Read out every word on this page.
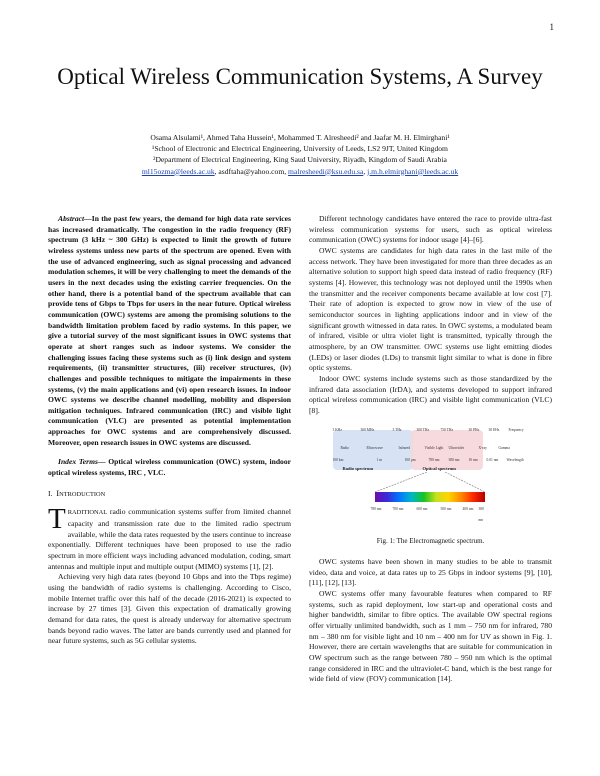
1
Optical Wireless Communication Systems, A Survey
Osama Alsulami¹, Ahmed Taha Hussein¹, Mohammed T. Alresheedi² and Jaafar M. H. Elmirghani¹
¹School of Electronic and Electrical Engineering, University of Leeds, LS2 9JT, United Kingdom
²Department of Electrical Engineering, King Saud University, Riyadh, Kingdom of Saudi Arabia
ml15ozma@leeds.ac.uk, asdftaha@yahoo.com, malresheedi@ksu.edu.sa, j.m.h.elmirghani@leeds.ac.uk

Abstract—In the past few years, the demand for high data rate services has increased dramatically. The congestion in the radio frequency (RF) spectrum (3 kHz ~ 300 GHz) is expected to limit the growth of future wireless systems unless new parts of the spectrum are opened. Even with the use of advanced engineering, such as signal processing and advanced modulation schemes, it will be very challenging to meet the demands of the users in the next decades using the existing carrier frequencies. On the other hand, there is a potential band of the spectrum available that can provide tens of Gbps to Tbps for users in the near future. Optical wireless communication (OWC) systems are among the promising solutions to the bandwidth limitation problem faced by radio systems. In this paper, we give a tutorial survey of the most significant issues in OWC systems that operate at short ranges such as indoor systems. We consider the challenging issues facing these systems such as (i) link design and system requirements, (ii) transmitter structures, (iii) receiver structures, (iv) challenges and possible techniques to mitigate the impairments in these systems, (v) the main applications and (vi) open research issues. In indoor OWC systems we describe channel modelling, mobility and dispersion mitigation techniques. Infrared communication (IRC) and visible light communication (VLC) are presented as potential implementation approaches for OWC systems and are comprehensively discussed. Moreover, open research issues in OWC systems are discussed.

Index Terms— Optical wireless communication (OWC) system, indoor optical wireless systems, IRC , VLC.

I. INTRODUCTION

TRADITIONAL radio communication systems suffer from limited channel capacity and transmission rate due to the limited radio spectrum available, while the data rates requested by the users continue to increase exponentially. Different techniques have been proposed to use the radio spectrum in more efficient ways including advanced modulation, coding, smart antennas and multiple input and multiple output (MIMO) systems [1], [2].

Achieving very high data rates (beyond 10 Gbps and into the Tbps regime) using the bandwidth of radio systems is challenging. According to Cisco, mobile Internet traffic over this half of the decade (2016-2021) is expected to increase by 27 times [3]. Given this expectation of dramatically growing demand for data rates, the quest is already underway for alternative spectrum bands beyond radio waves. The latter are bands currently used and planned for near future systems, such as 5G cellular systems.

Different technology candidates have entered the race to provide ultra-fast wireless communication systems for users, such as optical wireless communication (OWC) systems for indoor usage [4]–[6].

OWC systems are candidates for high data rates in the last mile of the access network. They have been investigated for more than three decades as an alternative solution to support high speed data instead of radio frequency (RF) systems [4]. However, this technology was not deployed until the 1990s when the transmitter and the receiver components became available at low cost [7]. Their rate of adoption is expected to grow now in view of the use of semiconductor sources in lighting applications indoor and in view of the significant growth witnessed in data rates. In OWC systems, a modulated beam of infrared, visible or ultra violet light is transmitted, typically through the atmosphere, by an OW transmitter. OWC systems use light emitting diodes (LEDs) or laser diodes (LDs) to transmit light similar to what is done in fibre optic systems.

Indoor OWC systems include systems such as those standardized by the infrared data association (IrDA), and systems developed to support infrared optical wireless communication (IRC) and visible light communication (VLC) [8].

3 KHz	300 MHz	3 THz	300 THz	750 THz	30 PHz	30 EHz	Frequency
Radio	Microwave	Infrared	Visible Light Ultraviolet	X-ray	Gamma
100 km	1 m	100 μm	780 nm	380 nm	10 nm 0.01 nm Wavelength
Radio spectrum	Optical spectrum
780 nm	700 nm	600 nm	500 nm	400 nm 380 nm
Fig. 1: The Electromagnetic spectrum.

OWC systems have been shown in many studies to be able to transmit video, data and voice, at data rates up to 25 Gbps in indoor systems [9], [10], [11], [12], [13].

OWC systems offer many favourable features when compared to RF systems, such as rapid deployment, low start-up and operational costs and higher bandwidth, similar to fibre optics. The available OW spectral regions offer virtually unlimited bandwidth, such as 1 mm – 750 nm for infrared, 780 nm – 380 nm for visible light and 10 nm – 400 nm for UV as shown in Fig. 1. However, there are certain wavelengths that are suitable for communication in OW spectrum such as the range between 780 – 950 nm which is the optimal range considered in IRC and the ultraviolet-C band, which is the best range for wide field of view (FOV) communication [14].
